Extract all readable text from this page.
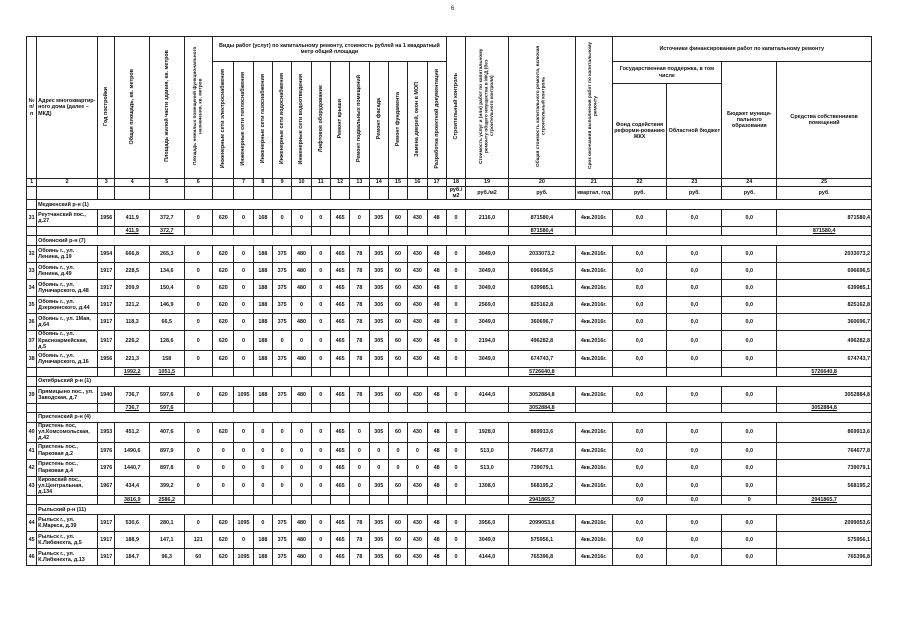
6
№ п/п	Адрес многоквартир-ного дома (далее – МКД)	Год постройки	Общая площадь, кв. метров	Площадь жилой части здания, кв. метров	Площадь нежилых помещений функционального назначения, кв. метров	Виды работ (услуг) по капитальному ремонту, стоимость рублей на 1 квадратный метр общей площади												Строительный контроль	Стоимость услуг и (или) работ по капитальному ремонту общего имущества в МКД (без строительного контроля)	Общая стоимость капитального ремонта, включая строительный контроль	Срок окончания выполнения работ по капитальному ремонту	Источники финансирования работ по капитальному ремонту			
						Инженерные сети электроснабжения	Инженерные сети теплоснабжения	Инженерные сети газоснабжения	Инженерные сети водоснабжения	Инженерные сети водоотведения	Лифтовое оборудование	Ремонт крыши	Ремонт подвальных помещений	Ремонт фасада	Ремонт фундамента	Замена дверей, окон в МОП	Разработка проектной документации					Государственная поддержка, в том числе		Бюджет муници-пального образования	Средства собственников помещений
																						Фонд содействия реформи-рованию ЖКХ	Областной бюджет		
1	2	3	4	5	6		7	8	9	10	11	12	13	14	15	16	17	18	19	20	21	22	23	24	25
																		руб./м2	руб./м2	руб.	квартал, год	руб.	руб.	руб.	руб.
	Медвенский р-н (1)																								
31	Реутчанский пос., д.27	1956	411,9	372,7	0	620	0	168	0	0	0	465	0	305	60	430	48	0	2116,0	871580,4	4кв.2016г.	0,0	0,0	0,0	871580,4
			411,9	372,7																871580,4					871580,4
	Обоянский р-н (7)																								
32	Обоянь г., ул. Ленина, д.19	1954	666,8	265,3	0	620	0	188	375	480	0	465	78	305	60	430	48	0	3049,0	2033073,2	4кв.2016г.	0,0	0,0	0,0	2033073,2
33	Обоянь г., ул. Ленина, д.49	1917	228,5	134,6	0	620	0	188	375	480	0	465	78	305	60	430	48	0	3049,0	696696,5	4кв.2016г.	0,0	0,0	0,0	696696,5
34	Обоянь г., ул. Луначарского, д.48	1917	209,9	150,4	0	620	0	188	375	480	0	465	78	305	60	430	48	0	3049,0	639985,1	4кв.2016г.	0,0	0,0	0,0	639985,1
35	Обоянь г., ул. Дзержинского, д.44	1917	321,2	146,9	0	620	0	188	375	0	0	465	78	305	60	430	48	0	2569,0	825162,8	4кв.2016г.	0,0	0,0	0,0	825162,8
36	Обоянь г., ул. 1Мая, д.64	1917	118,3	66,5	0	620	0	188	375	480	0	465	78	305	60	430	48	0	3049,0	360696,7	4кв.2016г.	0,0	0,0	0,0	360696,7
37	Обоянь г., ул. Красноармейская, д.5	1917	226,2	128,6	0	620	0	188	0	0	0	465	78	305	60	430	48	0	2194,0	496282,8	4кв.2016г.	0,0	0,0	0,0	496282,8
38	Обоянь г., ул. Луначарского, д.16	1956	221,3	158	0	620	0	188	375	480	0	465	78	305	60	430	48	0	3049,0	674743,7	4кв.2016г.	0,0	0,0	0,0	674743,7
			1992,2	1051,5																5726640,8					5726640,8
	Октябрьский р-н (1)																								
39	Прямицыно пос., ул. Заводская, д.7	1940	736,7	597,6	0	620	1095	188	375	480	0	465	78	305	60	430	48	0	4144,0	3052884,8	4кв.2016г.	0,0	0,0	0,0	3052884,8
			736,7	597,6																3052884,8					3052884,8
	Пристенский р-н (4)																								
40	Пристень пос, ул.Комсомольская, д.42	1953	451,2	407,6	0	620	0	0	0	0	0	465	0	305	60	430	48	0	1928,0	869913,6	4кв.2016г.	0,0	0,0	0,0	869913,6
41	Пристень пос., Парковая д.2	1976	1490,6	897,9	0	0	0	0	0	0	0	465	0	0	0	0	48	0	513,0	764677,8	4кв.2016г.	0,0	0,0	0,0	764677,8
42	Пристень пос., Парковая д.4	1976	1440,7	897,8	0	0	0	0	0	0	0	465	0	0	0	0	48	0	513,0	739079,1	4кв.2016г.	0,0	0,0	0,0	739079,1
43	Кировский пос., ул.Центральная, д.134	1967	434,4	399,2	0	0	0	0	0	0	0	465	0	305	60	430	48	0	1308,0	568195,2	4кв.2016г.	0,0	0,0	0,0	568195,2
			3816,9	2586,2																2941865,7		0,0	0,0	0	2941865,7
	Рыльский р-н (11)																								
44	Рыльск г., ул. К.Маркса, д.39	1917	530,6	280,1	0	620	1095	0	375	480	0	465	78	305	60	430	48	0	3956,0	2099053,6	4кв.2016г.	0,0	0,0	0,0	2099053,6
45	Рыльск г., ул. К.Либкнехта, д.5	1917	188,9	147,1	121	620	0	188	375	480	0	465	78	305	60	430	48	0	3049,0	575956,1	4кв.2016г.	0,0	0,0	0,0	575956,1
46	Рыльск г., ул. К.Либкнехта, д.13	1917	184,7	96,3	60	620	1095	188	375	480	0	465	78	305	60	430	48	0	4144,0	765396,8	4кв.2016г.	0,0	0,0	0,0	765396,8
